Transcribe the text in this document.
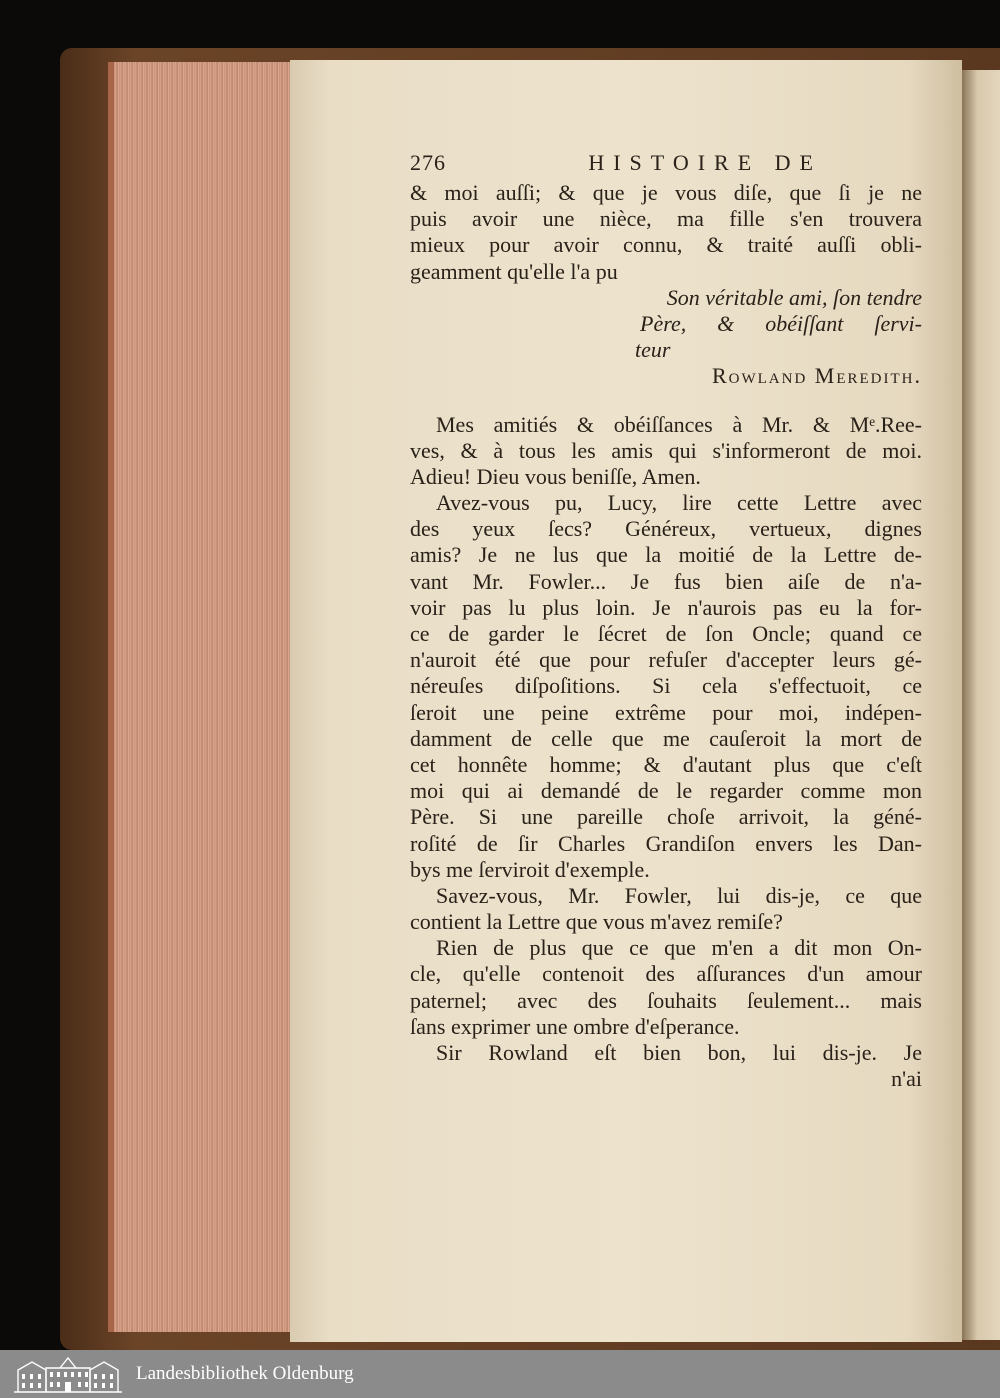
276	HISTOIRE DE
& moi auſſi; & que je vous diſe, que ſi je ne
puis avoir une nièce, ma fille s'en trouvera
mieux pour avoir connu, & traité auſſi obli-
geamment qu'elle l'a pu
Son véritable ami, ſon tendre
Père, & obéiſſant ſervi-
teur
Rowland Meredith.
Mes amitiés & obéiſſances à Mr. & Mᵉ.Ree-
ves, & à tous les amis qui s'informeront de moi.
Adieu! Dieu vous beniſſe, Amen.
Avez-vous pu, Lucy, lire cette Lettre avec
des yeux ſecs? Généreux, vertueux, dignes
amis? Je ne lus que la moitié de la Lettre de-
vant Mr. Fowler... Je fus bien aiſe de n'a-
voir pas lu plus loin. Je n'aurois pas eu la for-
ce de garder le ſécret de ſon Oncle; quand ce
n'auroit été que pour refuſer d'accepter leurs gé-
néreuſes diſpoſitions. Si cela s'effectuoit, ce
ſeroit une peine extrême pour moi, indépen-
damment de celle que me cauſeroit la mort de
cet honnête homme; & d'autant plus que c'eſt
moi qui ai demandé de le regarder comme mon
Père. Si une pareille choſe arrivoit, la géné-
roſité de ſir Charles Grandiſon envers les Dan-
bys me ſerviroit d'exemple.
Savez-vous, Mr. Fowler, lui dis-je, ce que
contient la Lettre que vous m'avez remiſe?
Rien de plus que ce que m'en a dit mon On-
cle, qu'elle contenoit des aſſurances d'un amour
paternel; avec des ſouhaits ſeulement... mais
ſans exprimer une ombre d'eſperance.
Sir Rowland eſt bien bon, lui dis-je. Je
n'ai
Landesbibliothek Oldenburg
